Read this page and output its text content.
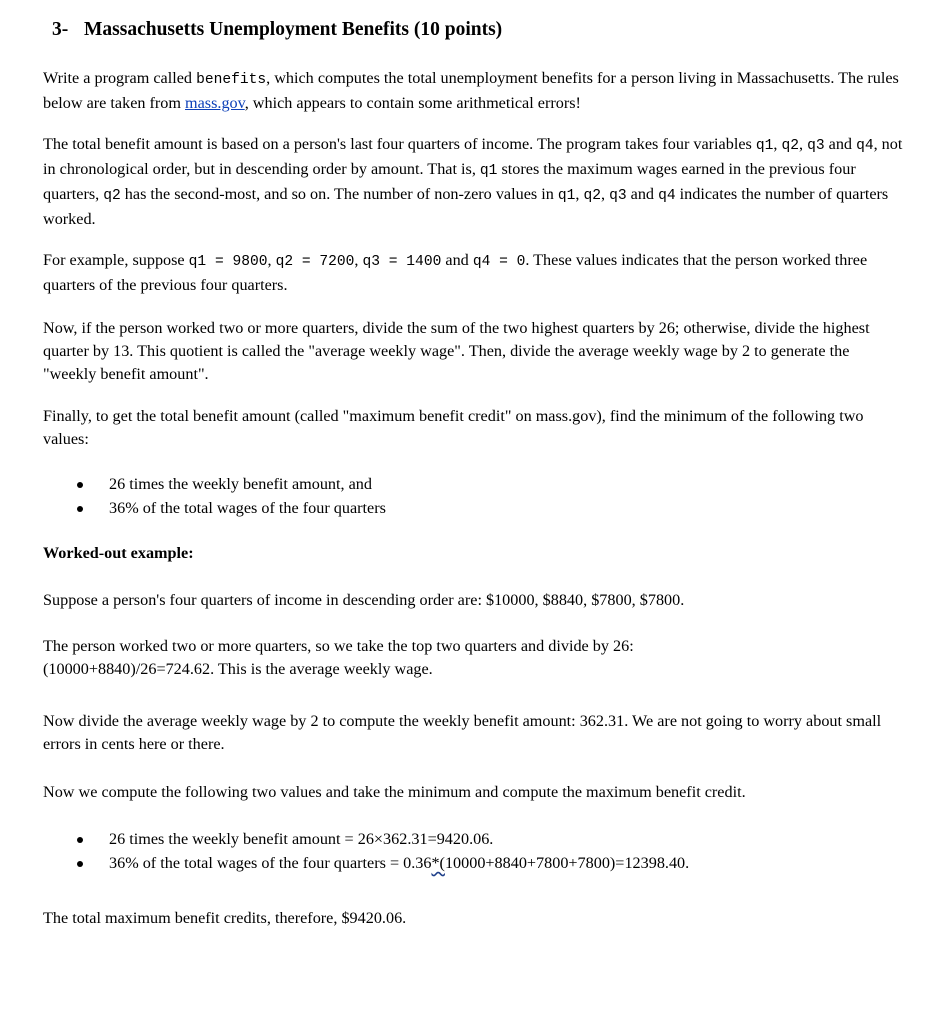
3- Massachusetts Unemployment Benefits (10 points)

Write a program called benefits, which computes the total unemployment benefits for a person living in Massachusetts. The rules below are taken from mass.gov, which appears to contain some arithmetical errors!

The total benefit amount is based on a person's last four quarters of income. The program takes four variables q1, q2, q3 and q4, not in chronological order, but in descending order by amount. That is, q1 stores the maximum wages earned in the previous four quarters, q2 has the second-most, and so on. The number of non-zero values in q1, q2, q3 and q4 indicates the number of quarters worked.

For example, suppose q1 = 9800, q2 = 7200, q3 = 1400 and q4 = 0. These values indicates that the person worked three quarters of the previous four quarters.

Now, if the person worked two or more quarters, divide the sum of the two highest quarters by 26; otherwise, divide the highest quarter by 13. This quotient is called the "average weekly wage". Then, divide the average weekly wage by 2 to generate the "weekly benefit amount".

Finally, to get the total benefit amount (called "maximum benefit credit" on mass.gov), find the minimum of the following two values:

26 times the weekly benefit amount, and
36% of the total wages of the four quarters

Worked-out example:

Suppose a person's four quarters of income in descending order are: $10000, $8840, $7800, $7800.

The person worked two or more quarters, so we take the top two quarters and divide by 26:
(10000+8840)/26=724.62. This is the average weekly wage.

Now divide the average weekly wage by 2 to compute the weekly benefit amount: 362.31. We are not going to worry about small errors in cents here or there.

Now we compute the following two values and take the minimum and compute the maximum benefit credit.

26 times the weekly benefit amount = 26×362.31=9420.06.
36% of the total wages of the four quarters = 0.36*(10000+8840+7800+7800)=12398.40.

The total maximum benefit credits, therefore, $9420.06.
